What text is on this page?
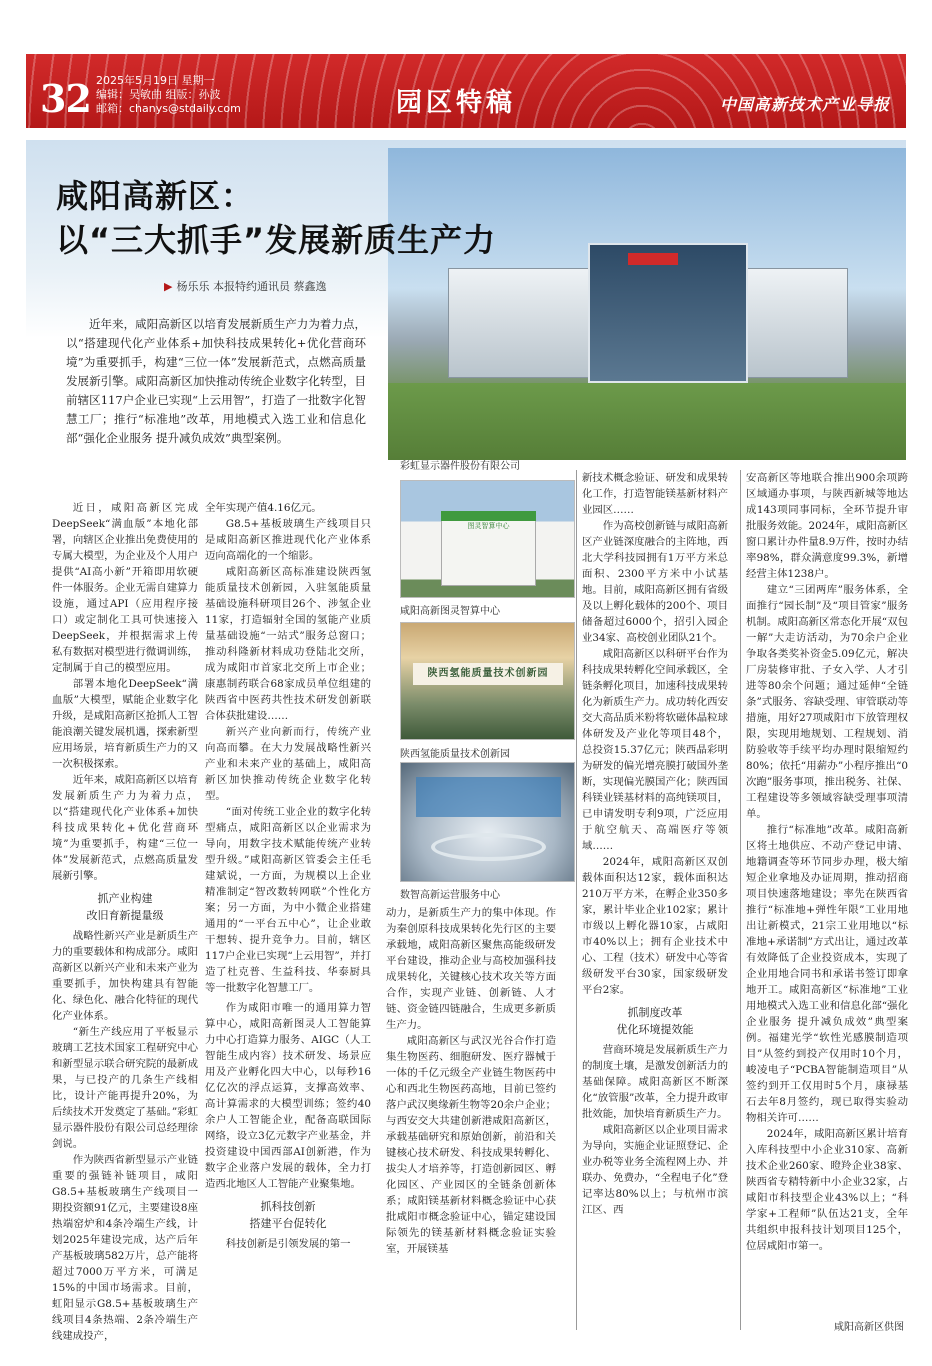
32 2025年5月19日 星期一
编辑：吴敏曲 组版：孙波
邮箱：chanys@stdaily.com	园区特稿	中国高新技术产业导报
咸阳高新区：
以“三大抓手”发展新质生产力
▶ 杨乐乐 本报特约通讯员 蔡鑫逸

近年来，咸阳高新区以培育发展新质生产力为着力点，以“搭建现代化产业体系+加快科技成果转化+优化营商环境”为重要抓手，构建“三位一体”发展新范式，点燃高质量发展新引擎。咸阳高新区加快推动传统企业数字化转型，目前辖区117户企业已实现“上云用智”，打造了一批数字化智慧工厂；推行“标准地”改革，用地模式入选工业和信息化部“强化企业服务 提升减负成效”典型案例。

彩虹显示器件股份有限公司

近日，咸阳高新区完成DeepSeek“满血版”本地化部署，向辖区企业推出免费使用的专属大模型，为企业及个人用户提供“AI高小新”开箱即用软硬件一体服务。企业无需自建算力设施，通过API（应用程序接口）或定制化工具可快速接入DeepSeek，并根据需求上传私有数据对模型进行微调训练，定制属于自己的模型应用。

部署本地化DeepSeek“满血版”大模型，赋能企业数字化升级，是咸阳高新区抢抓人工智能浪潮关键发展机遇，探索新型应用场景，培育新质生产力的又一次积极探索。

近年来，咸阳高新区以培育发展新质生产力为着力点，以“搭建现代化产业体系+加快科技成果转化+优化营商环境”为重要抓手，构建“三位一体”发展新范式，点燃高质量发展新引擎。

抓产业构建
改旧育新提量级

战略性新兴产业是新质生产力的重要载体和构成部分。咸阳高新区以新兴产业和未来产业为重要抓手，加快构建具有智能化、绿色化、融合化特征的现代化产业体系。

“新生产线应用了平板显示玻璃工艺技术国家工程研究中心和新型显示联合研究院的最新成果，与已投产的几条生产线相比，设计产能再提升20%，为后续技术开发奠定了基础。”彩虹显示器件股份有限公司总经理徐剑说。

作为陕西省新型显示产业链重要的强链补链项目，咸阳G8.5+基板玻璃生产线项目一期投资额91亿元，主要建设8座热端窑炉和4条冷端生产线，计划2025年建设完成，达产后年产基板玻璃582万片，总产能将超过7000万平方米，可满足15%的中国市场需求。目前，虹阳显示G8.5+基板玻璃生产线项目4条热端、2条冷端生产线建成投产，

全年实现产值4.16亿元。

G8.5+基板玻璃生产线项目只是咸阳高新区推进现代化产业体系迈向高端化的一个缩影。

咸阳高新区高标准建设陕西氢能质量技术创新园，入驻氢能质量基础设施科研项目26个、涉氢企业11家，打造辐射全国的氢能产业质量基础设施“一站式”服务总窗口；推动科隆新材料成功登陆北交所，成为咸阳市首家北交所上市企业；康惠制药联合68家成员单位组建的陕西省中医药共性技术研发创新联合体获批建设……

新兴产业向新而行，传统产业向高而攀。在大力发展战略性新兴产业和未来产业的基础上，咸阳高新区加快推动传统企业数字化转型。

“面对传统工业企业的数字化转型痛点，咸阳高新区以企业需求为导向，用数字技术赋能传统产业转型升级。”咸阳高新区管委会主任毛建斌说，一方面，为规模以上企业精准制定“智改数转网联”个性化方案；另一方面，为中小微企业搭建通用的“一平台五中心”，让企业敢干想转、提升竞争力。目前，辖区117户企业已实现“上云用智”，并打造了杜克普、生益科技、华泰厨具等一批数字化智慧工厂。

作为咸阳市唯一的通用算力智算中心，咸阳高新图灵人工智能算力中心打造算力服务、AIGC（人工智能生成内容）技术研发、场景应用及产业孵化四大中心，以每秒16亿亿次的浮点运算，支撑高效率、高计算需求的大模型训练；签约40余户人工智能企业，配备高联国际网络，设立3亿元数字产业基金，并投资建设中国西部AI创新港，作为数字企业落户发展的载体，全力打造西北地区人工智能产业聚集地。

抓科技创新
搭建平台促转化

科技创新是引领发展的第一

图灵智算中心
咸阳高新图灵智算中心
陕西氢能质量技术创新园
陕西氢能质量技术创新园
数智高新运营服务中心

动力，是新质生产力的集中体现。作为秦创原科技成果转化先行区的主要承载地，咸阳高新区聚焦高能级研发平台建设，推动企业与高校加强科技成果转化，关键核心技术攻关等方面合作，实现产业链、创新链、人才链、资金链四链融合，生成更多新质生产力。

咸阳高新区与武汉光谷合作打造集生物医药、细胞研发、医疗器械于一体的千亿元级全产业链生物医药中心和西北生物医药高地，目前已签约落户武汉奥缘新生物等20余户企业；与西安交大共建创新港咸阳高新区，承载基础研究和原始创新，前沿和关键核心技术研发、科技成果转孵化、拔尖人才培养等，打造创新园区、孵化园区、产业园区的全链条创新体系；咸阳镁基新材料概念验证中心获批咸阳市概念验证中心，锚定建设国际领先的镁基新材料概念验证实验室，开展镁基

新技术概念验证、研发和成果转化工作，打造智能镁基新材料产业园区……

作为高校创新链与咸阳高新区产业链深度融合的主阵地，西北大学科技园拥有1万平方米总面积、2300平方米中小试基地。目前，咸阳高新区拥有省级及以上孵化载体的200个、项目储备超过6000个，招引入园企业34家、高校创业团队21个。

咸阳高新区以科研平台作为科技成果转孵化空间承载区，全链条孵化项目，加速科技成果转化为新质生产力。成功转化西安交大高品质米粉将软磁体晶粒球体研发及产业化等项目48个，总投资15.37亿元；陕西晶彩明为研发的偏光增亮膜打破国外垄断，实现偏光膜国产化；陕西国科镁业镁基材料的高纯镁项目，已申请发明专利9项，广泛应用于航空航天、高端医疗等领域……

2024年，咸阳高新区双创载体面积达12家，载体面积达210万平方米，在孵企业350多家，累计毕业企业102家；累计市级以上孵化器10家，占咸阳市40%以上；拥有企业技术中心、工程（技术）研发中心等省级研发平台30家，国家级研发平台2家。

抓制度改革
优化环境提效能

营商环境是发展新质生产力的制度土壤，是激发创新活力的基础保障。咸阳高新区不断深化“放管服”改革，全力提升政审批效能，加快培育新质生产力。

咸阳高新区以企业项目需求为导向，实施企业证照登记、企业办税等业务全流程网上办、并联办、免费办，“全程电子化”登记率达80%以上；与杭州市滨江区、西

安高新区等地联合推出900余项跨区域通办事项，与陕西新城等地达成143项同事同标，全环节提升审批服务效能。2024年，咸阳高新区窗口累计办件量8.9万件，按时办结率98%，群众满意度99.3%，新增经营主体1238户。

建立“三团两库”服务体系，全面推行“园长制”及“项目管家”服务机制。咸阳高新区常态化开展“双包一解”大走访活动，为70余户企业争取各类奖补资金5.09亿元，解决厂房装修审批、子女入学、人才引进等80余个问题；通过延伸“全链条”式服务、容缺受理、审管联动等措施，用好27项咸阳市下放管理权限，实现用地规划、工程规划、消防验收等手续平均办理时限缩短约80%；依托“用薪办”小程序推出“0次跑”服务事项，推出税务、社保、工程建设等多领域容缺受理事项清单。

推行“标准地”改革。咸阳高新区将土地供应、不动产登记申请、地籍调查等环节同步办理，极大缩短企业拿地及办证周期，推动招商项目快速落地建设；率先在陕西省推行“标准地+弹性年限”工业用地出让新模式，21宗工业用地以“标准地+承诺制”方式出让，通过改革有效降低了企业投资成本，实现了企业用地合同书和承诺书签订即拿地开工。咸阳高新区“标准地”工业用地模式入选工业和信息化部“强化企业服务 提升减负成效”典型案例。福建光学“软性光感膜制造项目”从签约到投产仅用时10个月，峻凌电子“PCBA智能制造项目”从签约到开工仅用时5个月，康禄基石去年8月签约，现已取得实验动物相关许可……

2024年，咸阳高新区累计培育入库科技型中小企业310家、高新技术企业260家、瞪羚企业38家、陕西省专精特新中小企业32家，占咸阳市科技型企业43%以上；“科学家+工程师”队伍达21支，全年共组织申报科技计划项目125个，位居咸阳市第一。

咸阳高新区供图
